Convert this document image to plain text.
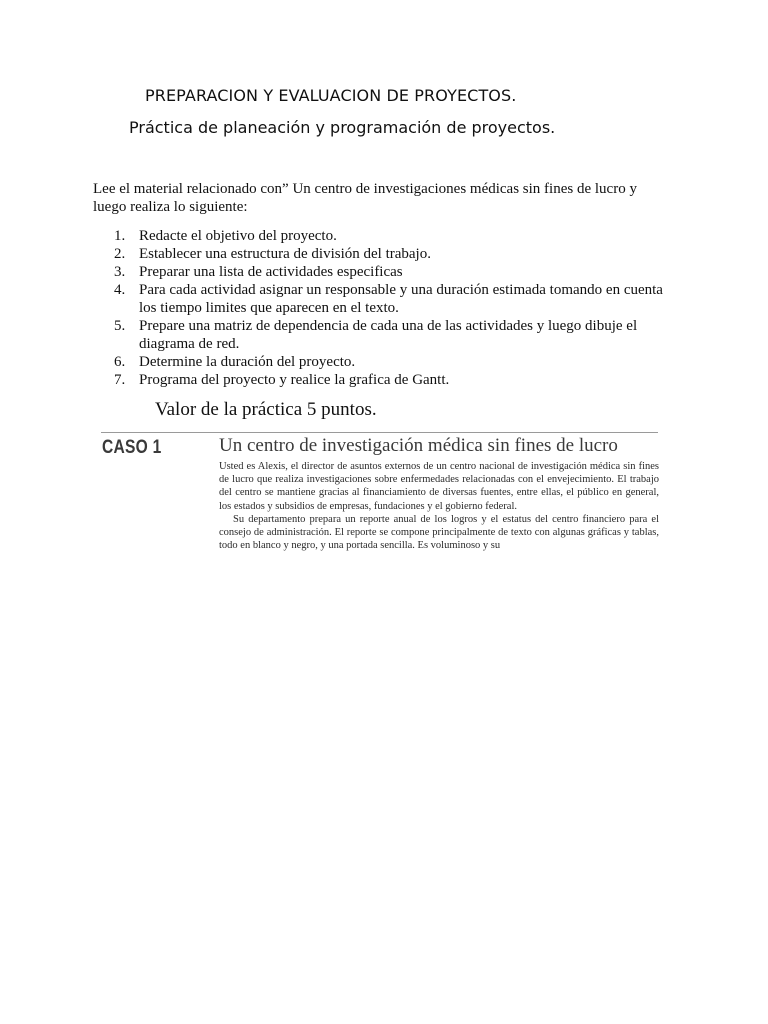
PREPARACION Y EVALUACION DE PROYECTOS.
Práctica de planeación y programación de proyectos.

Lee el material relacionado con” Un centro de investigaciones médicas sin fines de lucro y luego realiza lo siguiente:

1. Redacte el objetivo del proyecto.
2. Establecer una estructura de división del trabajo.
3. Preparar una lista de actividades especificas
4. Para cada actividad asignar un responsable y una duración estimada tomando en cuenta los tiempo limites que aparecen en el texto.
5. Prepare una matriz de dependencia de cada una de las actividades y luego dibuje el diagrama de red.
6. Determine la duración del proyecto.
7. Programa del proyecto y realice la grafica de Gantt.
Valor de la práctica 5 puntos.
CASO 1	Un centro de investigación médica sin fines de lucro

Usted es Alexis, el director de asuntos externos de un centro nacional de investigación médica sin fines de lucro que realiza investigaciones sobre enfermedades relacionadas con el envejecimiento. El trabajo del centro se mantiene gracias al financiamiento de diversas fuentes, entre ellas, el público en general, los estados y subsidios de empresas, fundaciones y el gobierno federal.

Su departamento prepara un reporte anual de los logros y el estatus del centro financiero para el consejo de administración. El reporte se compone principalmente de texto con algunas gráficas y tablas, todo en blanco y negro, y una portada sencilla. Es voluminoso y su
